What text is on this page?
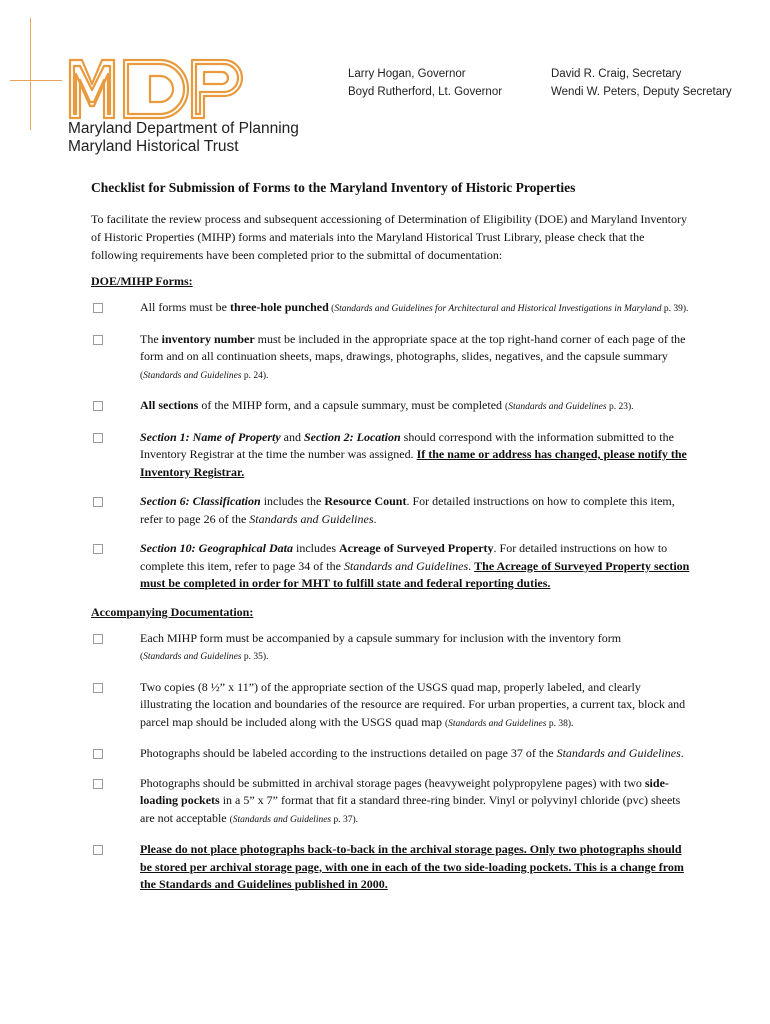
MDP
Maryland Department of Planning
Maryland Historical Trust
Larry Hogan, Governor
Boyd Rutherford, Lt. Governor
David R. Craig, Secretary
Wendi W. Peters, Deputy Secretary
Checklist for Submission of Forms to the Maryland Inventory of Historic Properties

To facilitate the review process and subsequent accessioning of Determination of Eligibility (DOE) and Maryland Inventory of Historic Properties (MIHP) forms and materials into the Maryland Historical Trust Library, please check that the following requirements have been completed prior to the submittal of documentation:

DOE/MIHP Forms:

All forms must be three-hole punched (Standards and Guidelines for Architectural and Historical Investigations in Maryland p. 39).
The inventory number must be included in the appropriate space at the top right-hand corner of each page of the form and on all continuation sheets, maps, drawings, photographs, slides, negatives, and the capsule summary (Standards and Guidelines p. 24).
All sections of the MIHP form, and a capsule summary, must be completed (Standards and Guidelines p. 23).
Section 1: Name of Property and Section 2: Location should correspond with the information submitted to the Inventory Registrar at the time the number was assigned. If the name or address has changed, please notify the Inventory Registrar.
Section 6: Classification includes the Resource Count. For detailed instructions on how to complete this item, refer to page 26 of the Standards and Guidelines.
Section 10: Geographical Data includes Acreage of Surveyed Property. For detailed instructions on how to complete this item, refer to page 34 of the Standards and Guidelines. The Acreage of Surveyed Property section must be completed in order for MHT to fulfill state and federal reporting duties.

Accompanying Documentation:

Each MIHP form must be accompanied by a capsule summary for inclusion with the inventory form
(Standards and Guidelines p. 35).
Two copies (8 ½” x 11”) of the appropriate section of the USGS quad map, properly labeled, and clearly illustrating the location and boundaries of the resource are required. For urban properties, a current tax, block and parcel map should be included along with the USGS quad map (Standards and Guidelines p. 38).
Photographs should be labeled according to the instructions detailed on page 37 of the Standards and Guidelines.
Photographs should be submitted in archival storage pages (heavyweight polypropylene pages) with two side-loading pockets in a 5” x 7” format that fit a standard three-ring binder. Vinyl or polyvinyl chloride (pvc) sheets are not acceptable (Standards and Guidelines p. 37).
Please do not place photographs back-to-back in the archival storage pages. Only two photographs should be stored per archival storage page, with one in each of the two side-loading pockets. This is a change from the Standards and Guidelines published in 2000.
